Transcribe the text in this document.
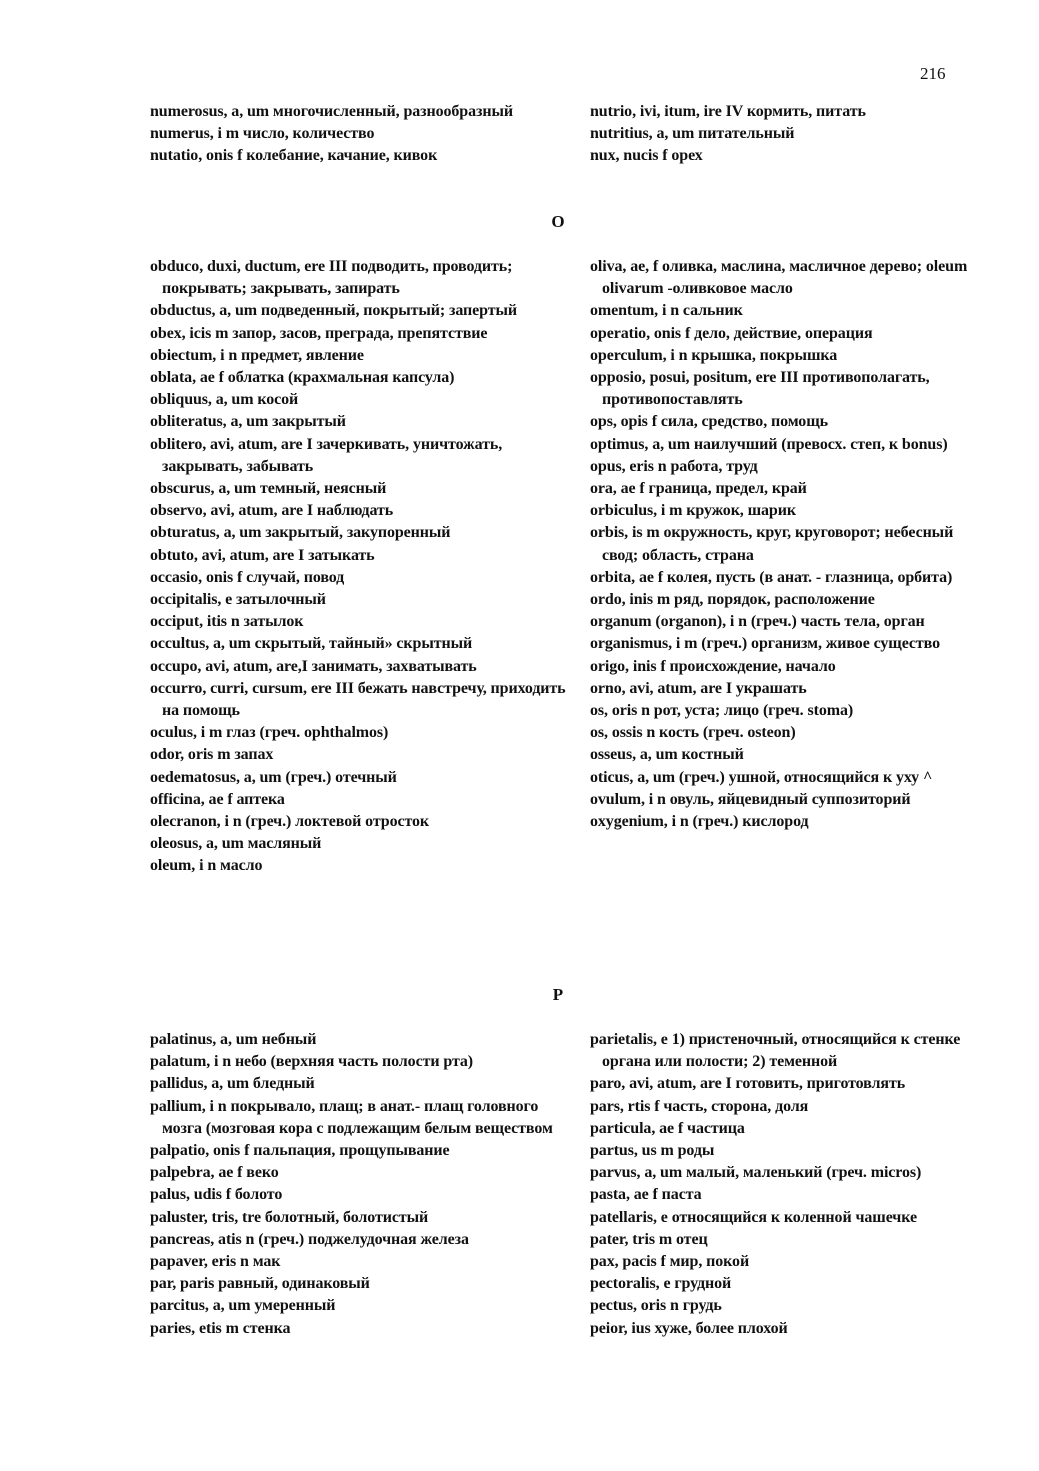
216

numerosus, a, um многочисленный, разнообразный

numerus, i m число, количество

nutatio, onis f колебание, качание, кивок

nutrio, ivi, itum, ire IV кормить, питать

nutritius, a, um питательный

nux, nucis f орех

O

obduco, duxi, ductum, ere III подводить, проводить; покрывать; закрывать, запирать

obductus, a, um подведенный, покрытый; запертый

obex, icis m запор, засов, преграда, препятствие

obiectum, i n предмет, явление

oblata, ae f облатка (крахмальная капсула)

obliquus, a, um косой

obliteratus, a, um закрытый

oblitero, avi, atum, are I зачеркивать, уничтожать, закрывать, забывать

obscurus, a, um темный, неясный

observo, avi, atum, are I наблюдать

obturatus, a, um закрытый, закупоренный

obtuto, avi, atum, are I затыкать

occasio, onis f случай, повод

occipitalis, e затылочный

occiput, itis n затылок

occultus, a, um скрытый, тайный» скрытный

occupo, avi, atum, are,I занимать, захватывать

occurro, curri, cursum, ere III бежать навстречу, приходить на помощь

oculus, i m глаз (греч. ophthalmos)

odor, oris m запах

oedematosus, a, um (греч.) отечный

officina, ae f аптека

olecranon, i n (греч.) локтевой отросток

oleosus, a, um масляный

oleum, i n масло

oliva, ae, f оливка, маслина, масличное дерево; oleum olivarum -оливковое масло

omentum, i n сальник

operatio, onis f дело, действие, операция

operculum, i n крышка, покрышка

opposio, posui, positum, ere III противополагать, противопоставлять

ops, opis f сила, средство, помощь

optimus, a, um наилучший (превосх. степ, к bonus)

opus, eris n работа, труд

ora, ae f граница, предел, край

orbiculus, i m кружок, шарик

orbis, is m окружность, круг, круговорот; небесный свод; область, страна

orbita, ae f колея, пусть (в анат. - глазница, орбита)

ordo, inis m ряд, порядок, расположение

organum (organon), i n (греч.) часть тела, орган

organismus, i m (греч.) организм, живое существо

origo, inis f происхождение, начало

orno, avi, atum, are I украшать

os, oris n рот, уста; лицо (греч. stoma)

os, ossis n кость (греч. osteon)

osseus, a, um костный

oticus, a, um (греч.) ушной, относящийся к уху ^

ovulum, i n овуль, яйцевидный суппозиторий

oxygenium, i n (греч.) кислород

P

palatinus, a, um небный

palatum, i n небо (верхняя часть полости рта)

pallidus, a, um бледный

pallium, i n покрывало, плащ; в анат.- плащ головного мозга (мозговая кора с подлежащим белым веществом

palpatio, onis f пальпация, прощупывание

palpebra, ae f веко

palus, udis f болото

paluster, tris, tre болотный, болотистый

pancreas, atis n (греч.) поджелудочная железа

papaver, eris n мак

par, paris равный, одинаковый

parcitus, a, um умеренный

paries, etis m стенка

parietalis, e 1) пристеночный, относящийся к стенке органа или полости; 2) теменной

paro, avi, atum, are I готовить, приготовлять

pars, rtis f часть, сторона, доля

particula, ae f частица

partus, us m роды

parvus, a, um малый, маленький (греч. micros)

pasta, ae f паста

patellaris, e относящийся к коленной чашечке

pater, tris m отец

pax, pacis f мир, покой

pectoralis, e грудной

pectus, oris n грудь

peior, ius хуже, более плохой
